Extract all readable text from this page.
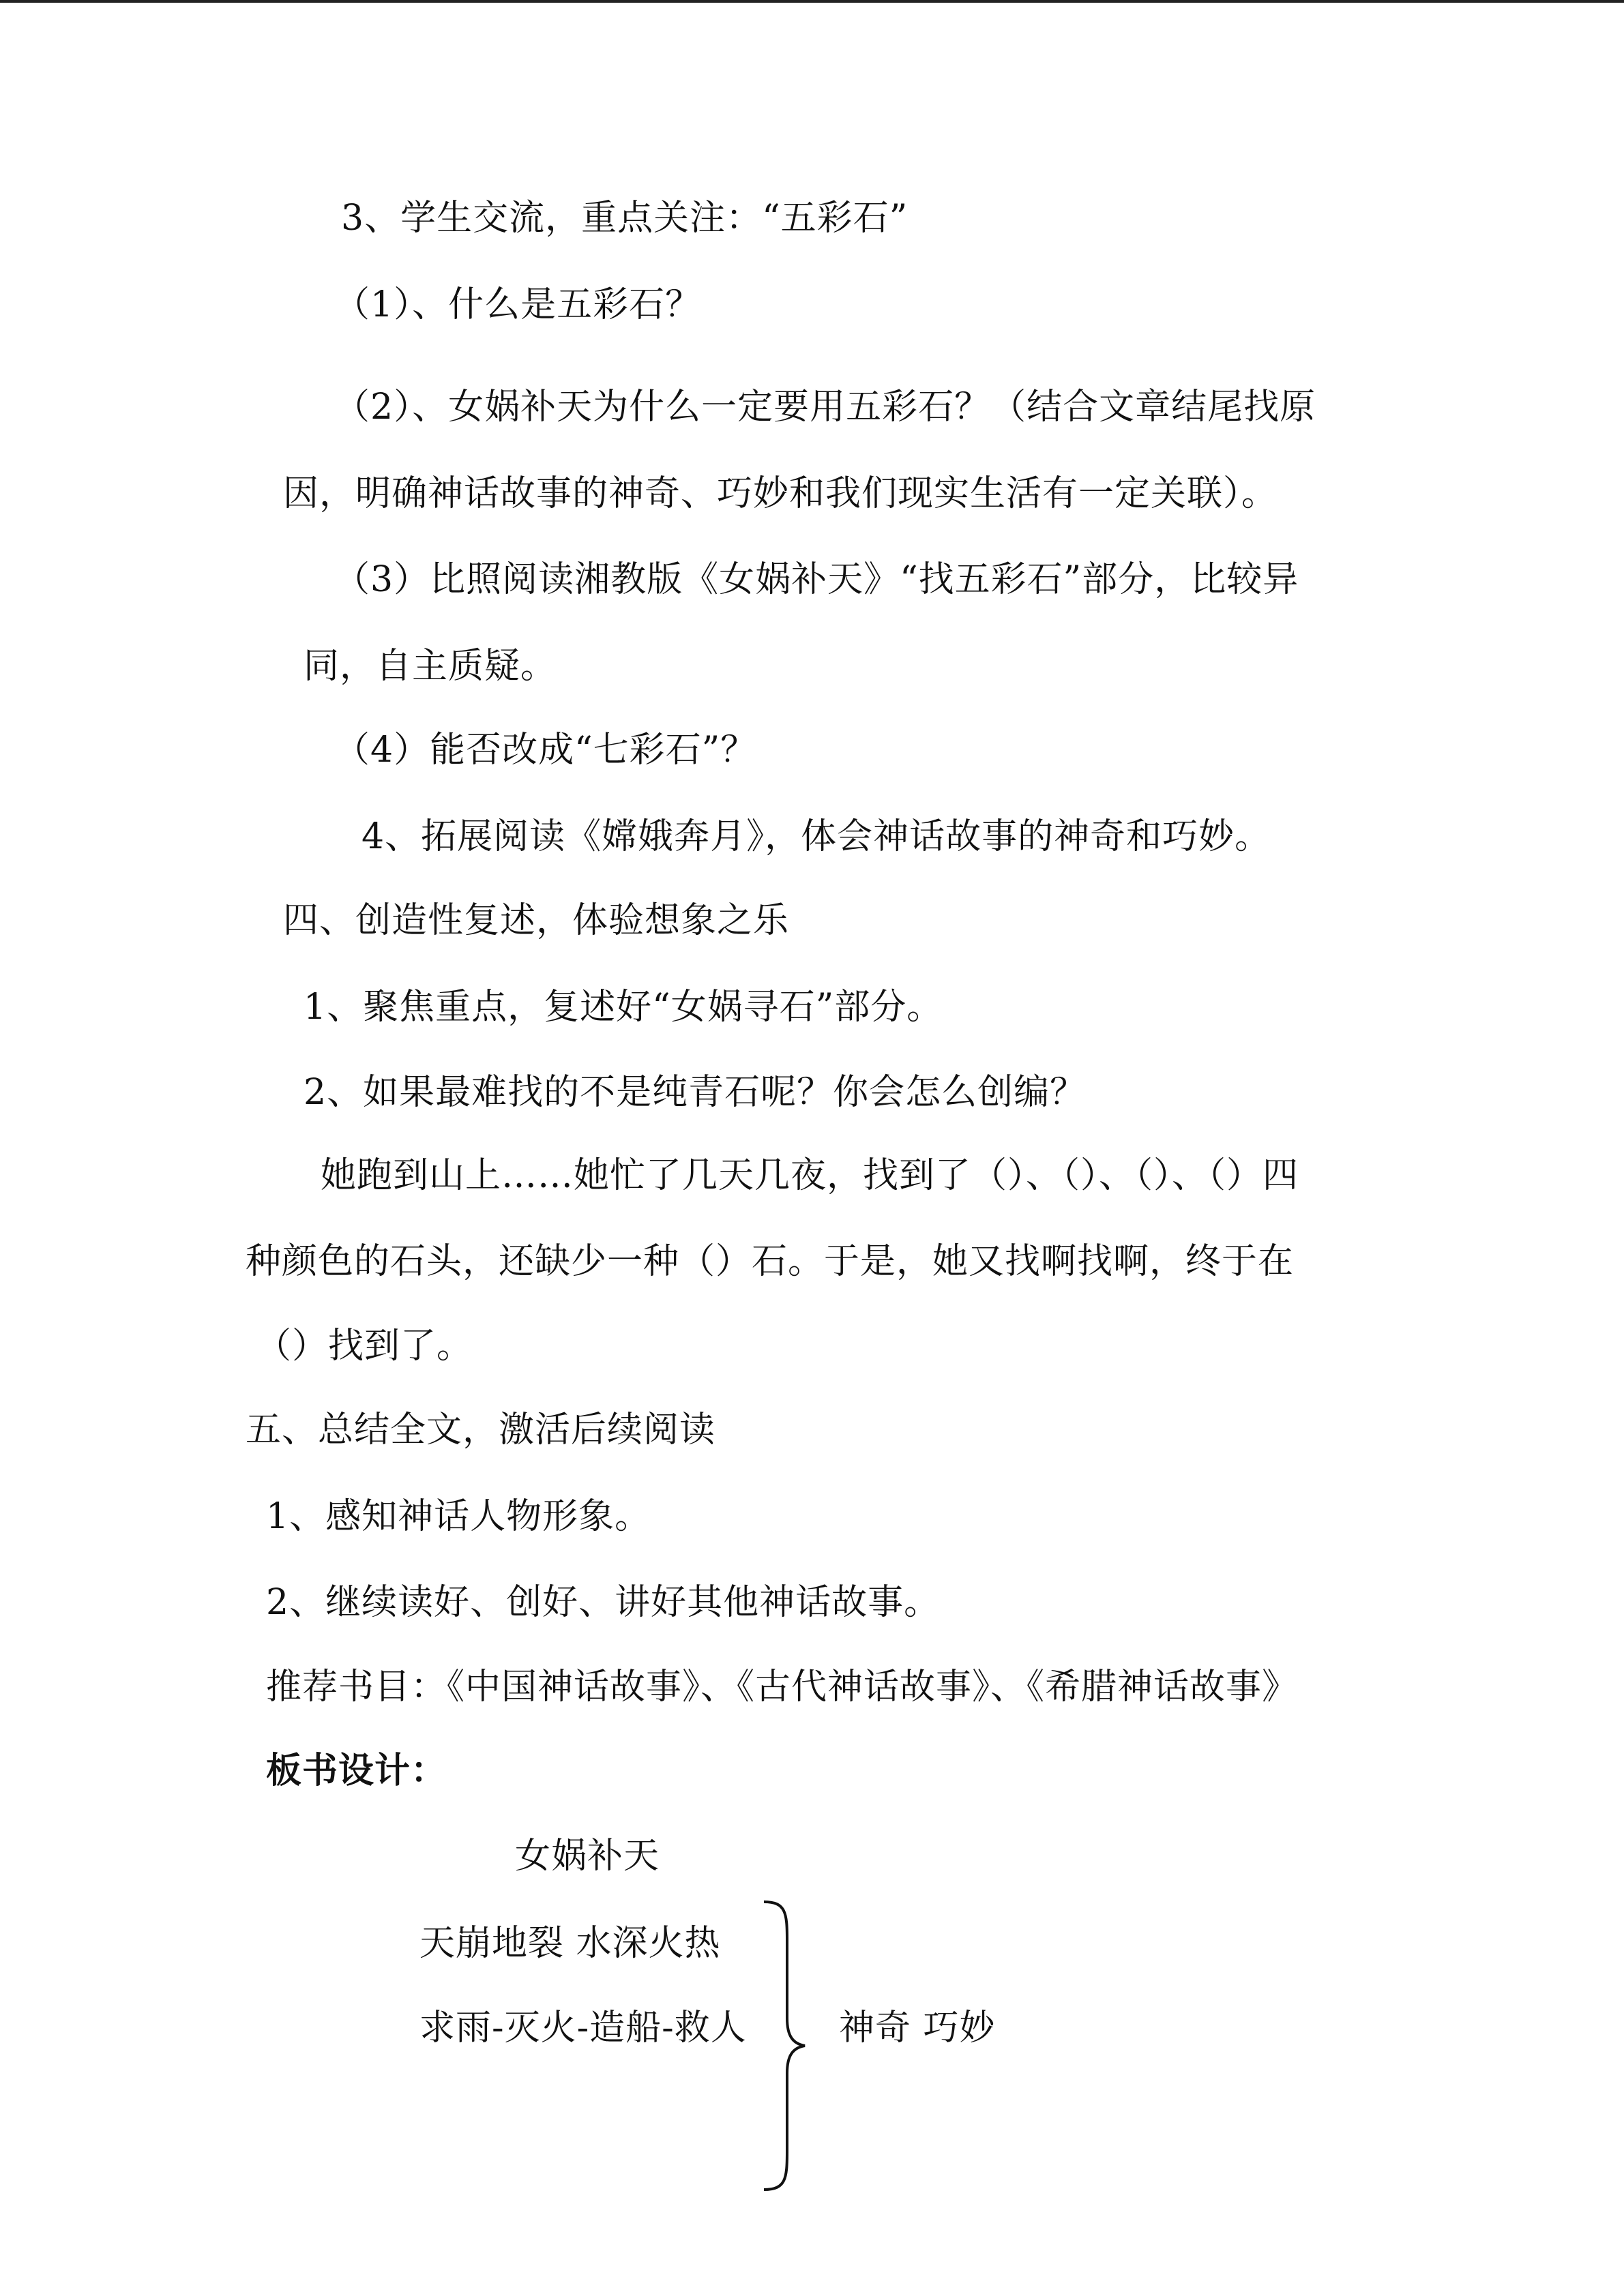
3、学生交流，重点关注：“五彩石”
（1）、什么是五彩石？
（2）、女娲补天为什么一定要用五彩石？（结合文章结尾找原
因，明确神话故事的神奇、巧妙和我们现实生活有一定关联）。
（3）比照阅读湘教版《女娲补天》“找五彩石”部分，比较异
同，自主质疑。
（4）能否改成“七彩石”？
4、拓展阅读《嫦娥奔月》，体会神话故事的神奇和巧妙。
四、创造性复述，体验想象之乐
1、聚焦重点，复述好“女娲寻石”部分。
2、如果最难找的不是纯青石呢？你会怎么创编？
她跑到山上……她忙了几天几夜，找到了（）、（）、（）、（）四
种颜色的石头，还缺少一种（）石。于是，她又找啊找啊，终于在
（）找到了。
五、总结全文，激活后续阅读
1、感知神话人物形象。
2、继续读好、创好、讲好其他神话故事。
推荐书目：《中国神话故事》、《古代神话故事》、《希腊神话故事》
板书设计：
女娲补天
天崩地裂 水深火热
求雨-灭火-造船-救人	神奇 巧妙
